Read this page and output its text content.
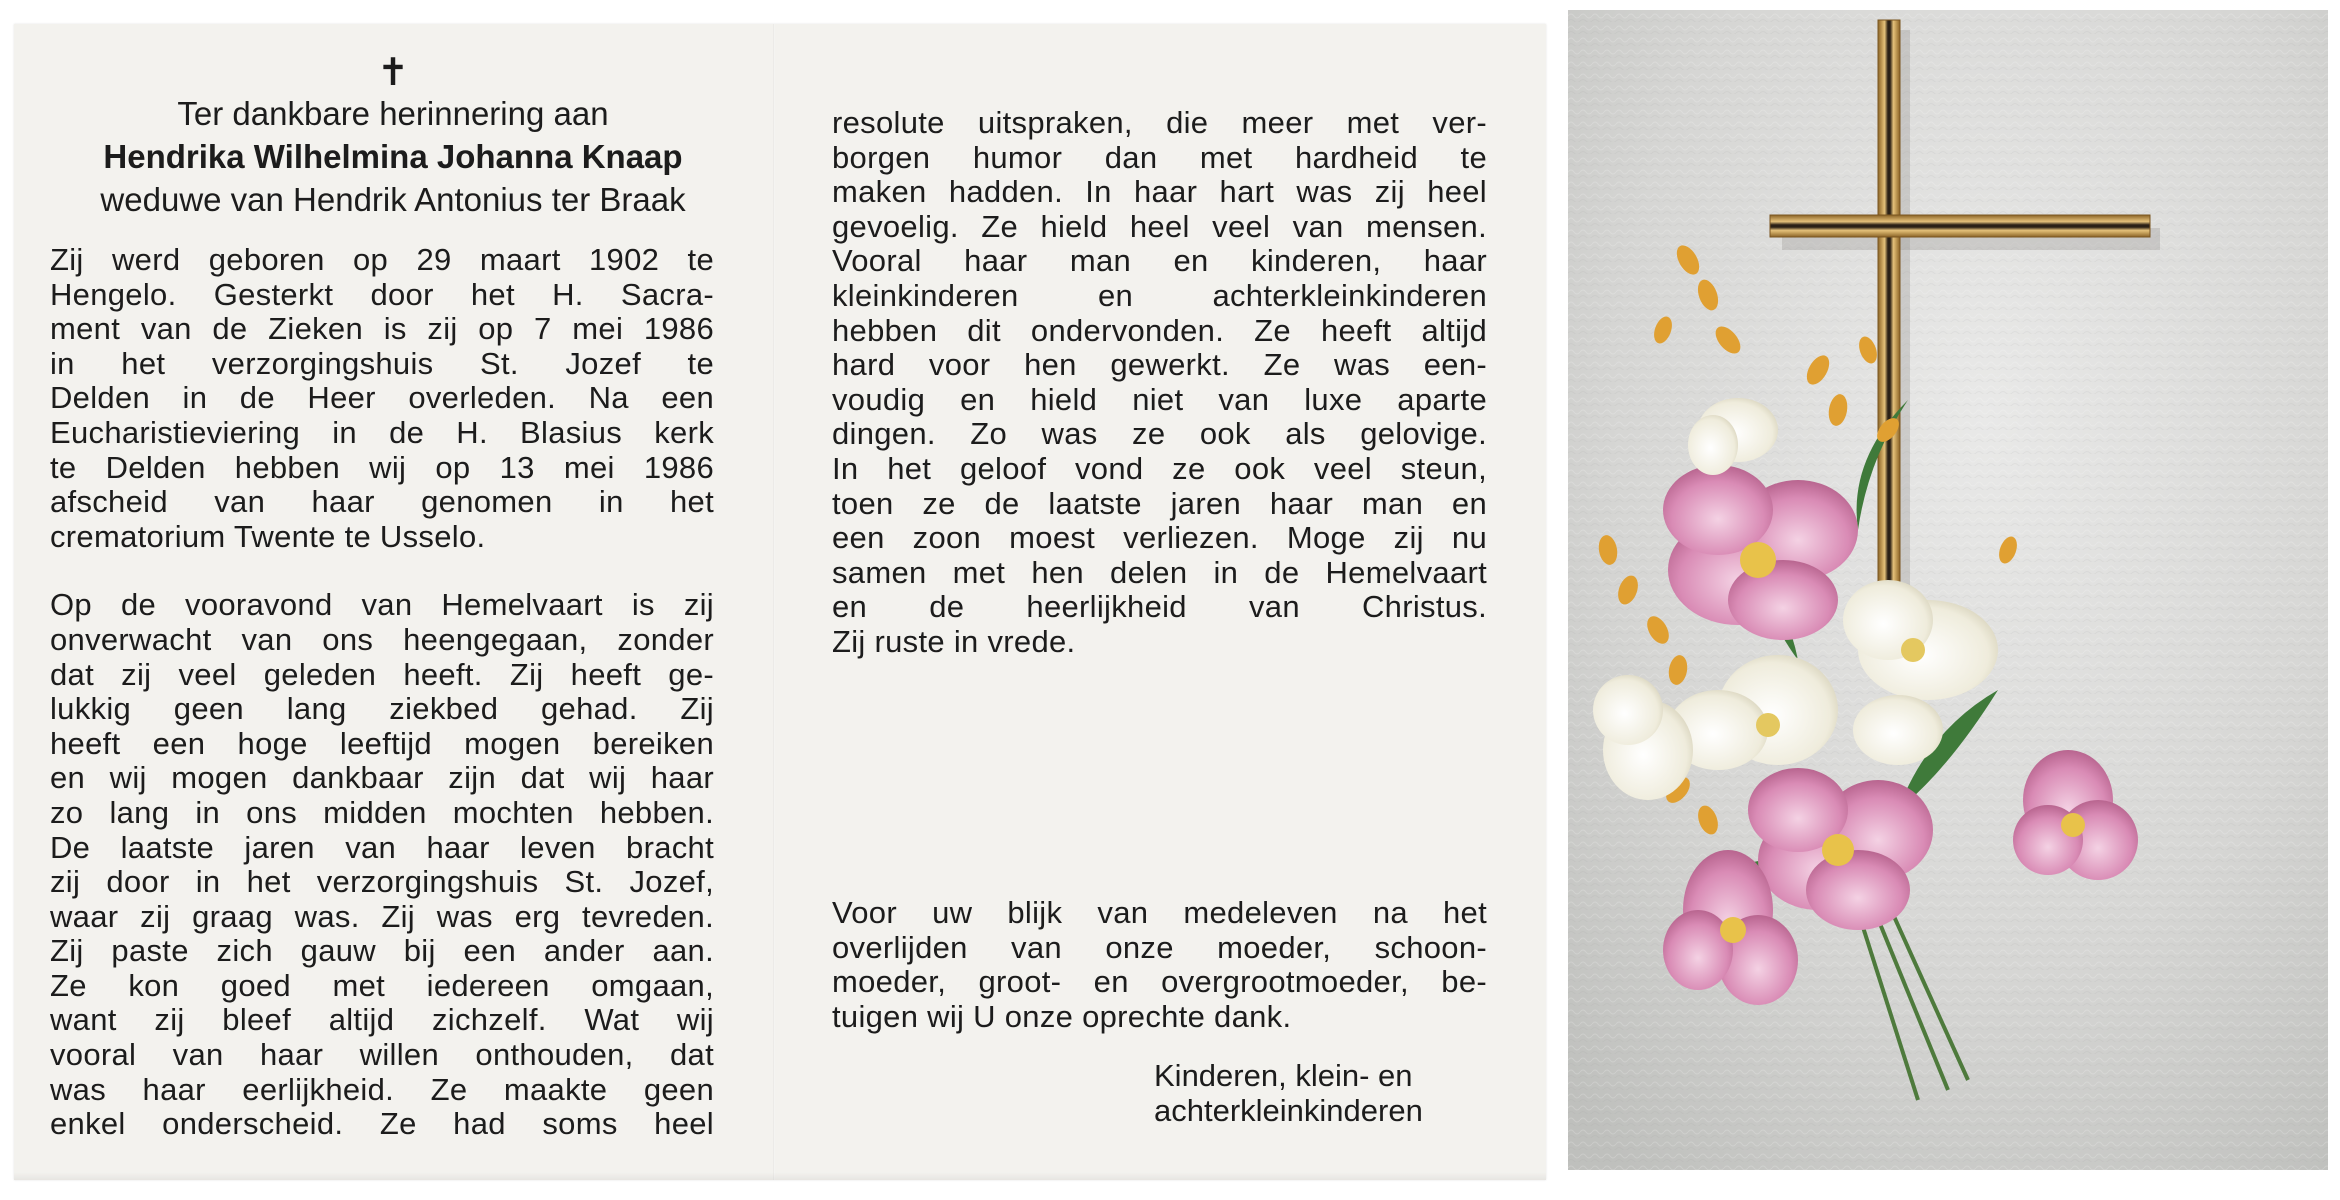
✝
Ter dankbare herinnering aan
Hendrika Wilhelmina Johanna Knaap
weduwe van Hendrik Antonius ter Braak
Zij werd geboren op 29 maart 1902 te
Hengelo. Gesterkt door het H. Sacra-
ment van de Zieken is zij op 7 mei 1986
in het verzorgingshuis St. Jozef te
Delden in de Heer overleden. Na een
Eucharistieviering in de H. Blasius kerk
te Delden hebben wij op 13 mei 1986
afscheid van haar genomen in het
crematorium Twente te Usselo.
Op de vooravond van Hemelvaart is zij
onverwacht van ons heengegaan, zonder
dat zij veel geleden heeft. Zij heeft ge-
lukkig geen lang ziekbed gehad. Zij
heeft een hoge leeftijd mogen bereiken
en wij mogen dankbaar zijn dat wij haar
zo lang in ons midden mochten hebben.
De laatste jaren van haar leven bracht
zij door in het verzorgingshuis St. Jozef,
waar zij graag was. Zij was erg tevreden.
Zij paste zich gauw bij een ander aan.
Ze kon goed met iedereen omgaan,
want zij bleef altijd zichzelf. Wat wij
vooral van haar willen onthouden, dat
was haar eerlijkheid. Ze maakte geen
enkel onderscheid. Ze had soms heel
resolute uitspraken, die meer met ver-
borgen humor dan met hardheid te
maken hadden. In haar hart was zij heel
gevoelig. Ze hield heel veel van mensen.
Vooral haar man en kinderen, haar
kleinkinderen en achterkleinkinderen
hebben dit ondervonden. Ze heeft altijd
hard voor hen gewerkt. Ze was een-
voudig en hield niet van luxe aparte
dingen. Zo was ze ook als gelovige.
In het geloof vond ze ook veel steun,
toen ze de laatste jaren haar man en
een zoon moest verliezen. Moge zij nu
samen met hen delen in de Hemelvaart
en de heerlijkheid van Christus.
Zij ruste in vrede.
Voor uw blijk van medeleven na het
overlijden van onze moeder, schoon-
moeder, groot- en overgrootmoeder, be-
tuigen wij U onze oprechte dank.
Kinderen, klein- en
achterkleinkinderen
